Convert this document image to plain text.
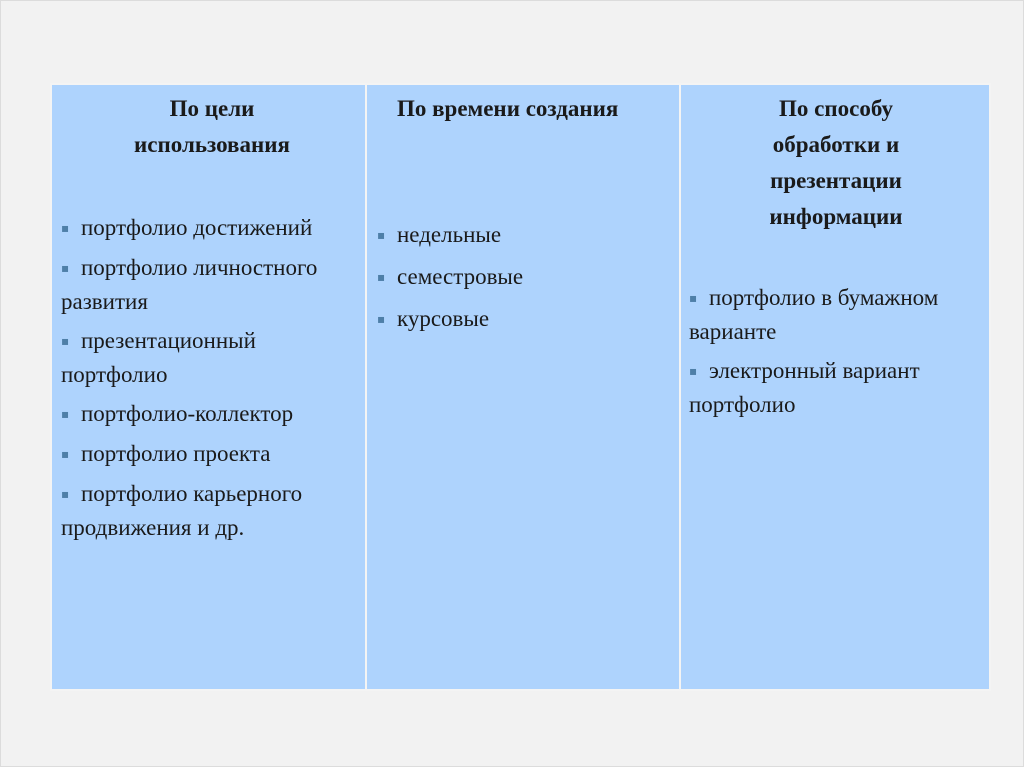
По цели использования
▪ портфолио достижений
▪ портфолио личностного развития
▪ презентационный портфолио
▪ портфолио-коллектор
▪ портфолио проекта
▪ портфолио карьерного продвижения и др.
По времени создания
▪ недельные
▪ семестровые
▪ курсовые
По способу обработки и презентации информации
▪ портфолио в бумажном варианте
▪ электронный вариант портфолио
